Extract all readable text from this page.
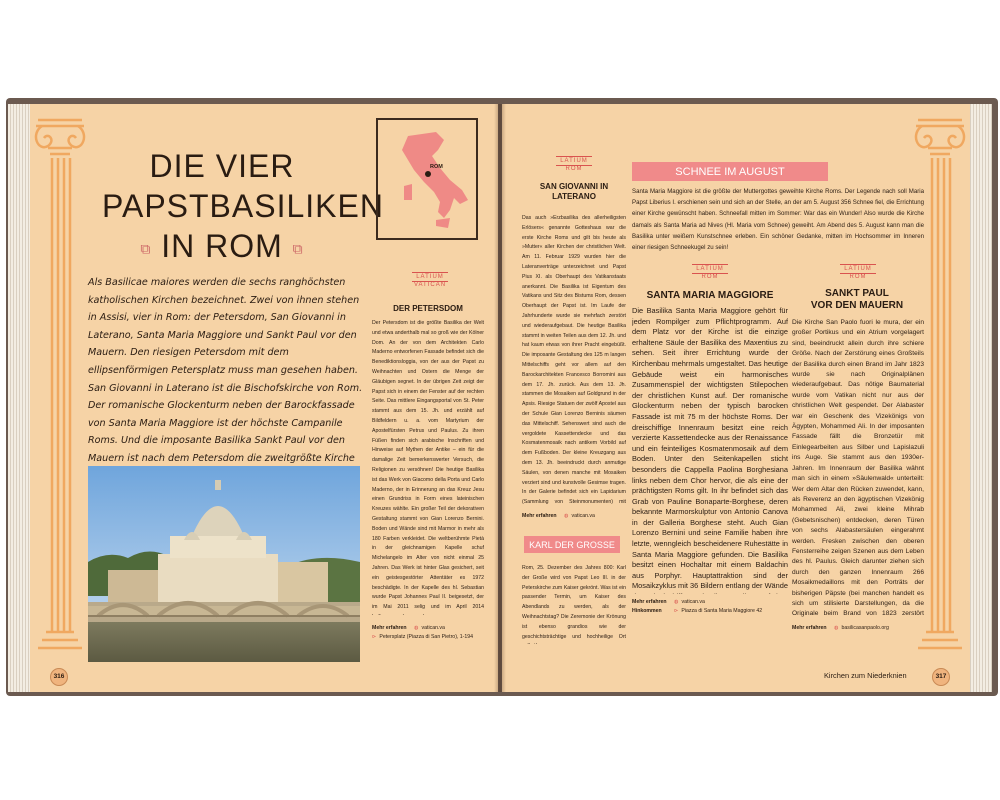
DIE VIER
PAPSTBASILIKEN
⧉ IN ROM ⧉
Als Basilicae maiores werden die sechs ranghöchsten katholischen Kirchen bezeichnet. Zwei von ihnen stehen in Assisi, vier in Rom: der Petersdom, San Giovanni in Laterano, Santa Maria Maggiore und Sankt Paul vor den Mauern. Den riesigen Petersdom mit dem ellipsenförmigen Petersplatz muss man gesehen haben. San Giovanni in Laterano ist die Bischofskirche von Rom. Der romanische Glockenturm neben der Barockfassade von Santa Maria Maggiore ist der höchste Campanile Roms. Und die imposante Basilika Sankt Paul vor den Mauern ist nach dem Petersdom die zweitgrößte Kirche
ROM
LATIUM
VATICAN
DER PETERSDOM
Der Petersdom ist die größte Basilika der Welt und etwa anderthalb mal so groß wie der Kölner Dom. An der von dem Architekten Carlo Maderno entworfenen Fassade befindet sich die Benediktionsloggia, von der aus der Papst zu Weihnachten und Ostern die Menge der Gläubigen segnet. In der übrigen Zeit zeigt der Papst sich in einem der Fenster auf der rechten Seite. Das mittlere Eingangsportal von St. Peter stammt aus dem 15. Jh. und erzählt auf Bildfeldern u. a. vom Martyrium der Apostelfürsten Petrus und Paulus. Zu ihren Füßen finden sich arabische Inschriften und Hinweise auf Mythen der Antike – ein für die damalige Zeit bemerkenswerter Versuch, die Religionen zu versöhnen! Die heutige Basilika ist das Werk von Giacomo della Porta und Carlo Maderno, der in Erinnerung an das Kreuz Jesu einen Grundriss in Form eines lateinischen Kreuzes wählte. Ein großer Teil der dekorativen Gestaltung stammt von Gian Lorenzo Bernini. Boden und Wände sind mit Marmor in mehr als 180 Farben verkleidet. Die weltberühmte Pietà in der gleichnamigen Kapelle schuf Michelangelo im Alter von nicht einmal 25 Jahren. Das Werk ist hinter Glas gesichert, seit ein geistesgestörter Attentäter es 1972 beschädigte. In der Kapelle des hl. Sebastian wurde Papst Johannes Paul II. beigesetzt, der im Mai 2011 selig und im April 2014
Mehr erfahren ◍ vatican.va
⊳ Petersplatz (Piazza di San Pietro), 1-194
316
LATIUM
ROM
SAN GIOVANNI IN LATERANO
Das auch »Erzbasilika des allerheiligsten Erlösers« genannte Gotteshaus war die erste Kirche Roms und gilt bis heute als »Mutter« aller Kirchen der christlichen Welt. Am 11. Februar 1929 wurden hier die Lateranverträge unterzeichnet und Papst Pius XI. als Oberhaupt des Vatikanstaats anerkannt. Die Basilika ist Eigentum des Vatikans und Sitz des Bistums Rom, dessen Oberhaupt der Papst ist. Im Laufe der Jahrhunderte wurde sie mehrfach zerstört und wiederaufgebaut. Die heutige Basilika stammt in weiten Teilen aus dem 12. Jh. und hat kaum etwas von ihrer Pracht eingebüßt. Die imposante Gestaltung des 125 m langen Mittelschiffs geht vor allem auf den Barockarchitekten Francesco Borromini aus dem 17. Jh. zurück. Aus dem 13. Jh. stammen die Mosaiken auf Goldgrund in der Apsis. Riesige Statuen der zwölf Apostel aus der Schule Gian Lorenzo Berninis säumen das Mittelschiff. Sehenswert sind auch die vergoldete Kassettendecke und das Kosmatenmosaik nach antikem Vorbild auf dem Fußboden. Der kleine Kreuzgang aus dem 13. Jh. beeindruckt durch anmutige Säulen, von denen manche mit Mosaiken verziert sind und kunstvolle Gesimse tragen. In der Galerie befindet sich ein Lapidarium (Sammlung von Steinmonumenten) mit
Mehr erfahren ◍ vatican.va
KARL DER GROSSE
Rom, 25. Dezember des Jahres 800: Karl der Große wird von Papst Leo III. in der Peterskirche zum Kaiser gekrönt. Was ist ein passender Termin, um Kaiser des Abendlands zu werden, als der Weihnachtstag? Die Zeremonie der Krönung ist ebenso grandios wie der geschichtsträchtige und hochheilige Ort
SCHNEE IM AUGUST
Santa Maria Maggiore ist die größte der Muttergottes geweihte Kirche Roms. Der Legende nach soll Maria Papst Liberius I. erschienen sein und sich an der Stelle, an der am 5. August 356 Schnee fiel, die Errichtung einer Kirche gewünscht haben. Schneefall mitten im Sommer: War das ein Wunder! Also wurde die Kirche damals als Santa Maria ad Nives (Hl. Maria vom Schnee) geweiht. Am Abend des 5. August kann man die Basilika unter weißem Kunstschnee erleben. Ein schöner Gedanke, mitten im Hochsommer im Inneren einer riesigen Schneekugel zu sein!
LATIUM
ROM
SANTA MARIA MAGGIORE
Die Basilika Santa Maria Maggiore gehört für jeden Rompilger zum Pflichtprogramm. Auf dem Platz vor der Kirche ist die einzige erhaltene Säule der Basilika des Maxentius zu sehen. Seit ihrer Errichtung wurde der Kirchenbau mehrmals umgestaltet. Das heutige Gebäude weist ein harmonisches Zusammenspiel der wichtigsten Stilepochen der christlichen Kunst auf. Der romanische Glockenturm neben der typisch barocken Fassade ist mit 75 m der höchste Roms. Der dreischiffige Innenraum besitzt eine reich verzierte Kassettendecke aus der Renaissance und ein feinteiliges Kosmatenmosaik auf dem Boden. Unter den Seitenkapellen sticht besonders die Cappella Paolina Borghesiana links neben dem Chor hervor, die als eine der prächtigsten Roms gilt. In ihr befindet sich das Grab von Pauline Bonaparte-Borghese, deren bekannte Marmorskulptur von Antonio Canova in der Galleria Borghese steht. Auch Gian Lorenzo Bernini und seine Familie haben ihre letzte, wenngleich bescheidenere Ruhestätte in Santa Maria Maggiore gefunden. Die Basilika besitzt einen Hochaltar mit einem Baldachin aus Porphyr. Hauptattraktion sind der Mosaikzyklus mit 36 Bildern entlang der Wände
Mehr erfahren ◍ vatican.va
Hinkommen ⊳ Piazza di Santa Maria Maggiore 42
LATIUM
ROM
SANKT PAUL
VOR DEN MAUERN
Die Kirche San Paolo fuori le mura, der ein großer Portikus und ein Atrium vorgelagert sind, beeindruckt allein durch ihre schiere Größe. Nach der Zerstörung eines Großteils der Basilika durch einen Brand im Jahr 1823 wurde sie nach Originalplänen wiederaufgebaut. Das nötige Baumaterial wurde vom Vatikan nicht nur aus der christlichen Welt gespendet. Der Alabaster war ein Geschenk des Vizekönigs von Ägypten, Mohammed Ali. In der imposanten Fassade fällt die Bronzetür mit Einlegearbeiten aus Silber und Lapislazuli ins Auge. Sie stammt aus den 1930er-Jahren. Im Innenraum der Basilika wähnt man sich in einem »Säulenwald« unterteilt: Wer dem Altar den Rücken zuwendet, kann, als Reverenz an den ägyptischen Vizekönig Mohammed Ali, zwei kleine Mihrab (Gebetsnischen) entdecken, deren Türen von sechs Alabastersäulen eingerahmt werden. Fresken zwischen den oberen Fensterreihe zeigen Szenen aus dem Leben des hl. Paulus. Gleich darunter ziehen sich durch den ganzen Innenraum 266 Mosaikmedaillons mit den Porträts der bisherigen Päpste (bei manchen handelt es sich um stilisierte Darstellungen, da die Originale beim Brand von 1823 zerstört
Mehr erfahren ◍ basilicasanpaolo.org
Kirchen zum Niederknien	317
